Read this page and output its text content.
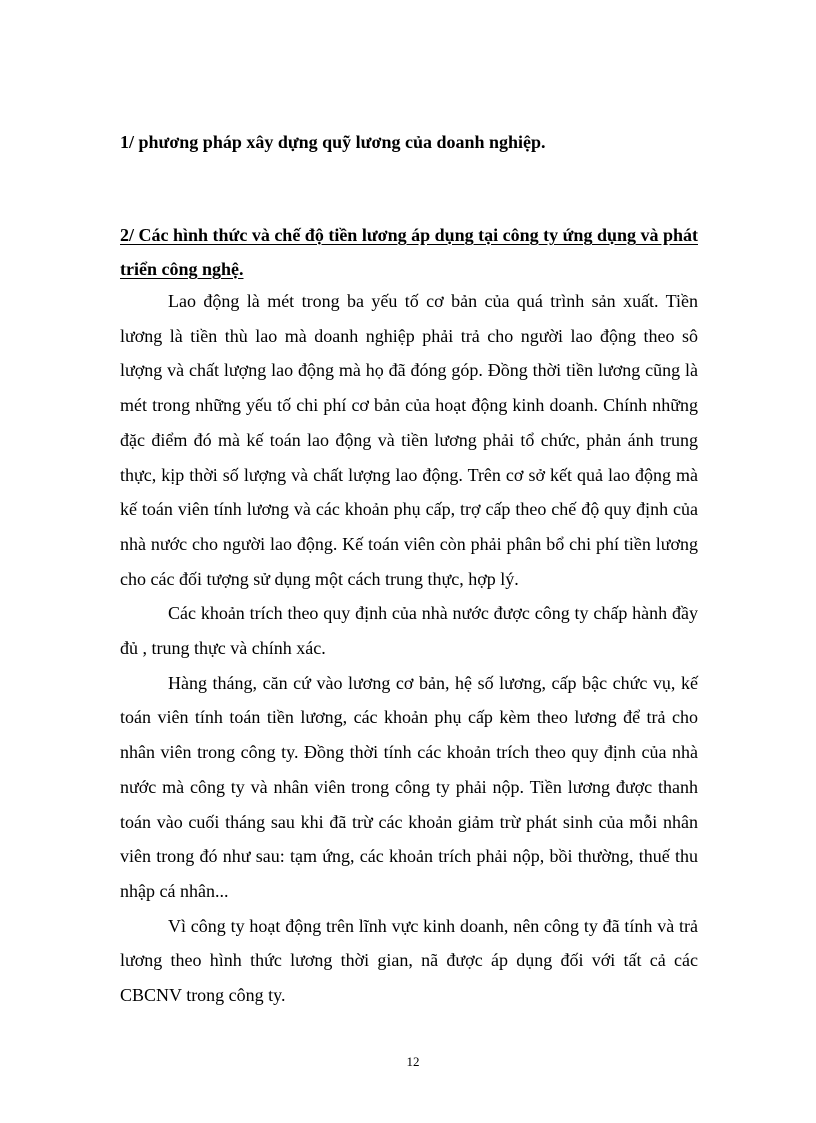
1/ phương pháp xây dựng quỹ lương của doanh nghiệp.
2/ Các hình thức và chế độ tiền lương áp dụng tại công ty ứng dụng và phát triển công nghệ.

Lao động là mét trong ba yếu tố cơ bản của quá trình sản xuất. Tiền lương là tiền thù lao mà doanh nghiệp phải trả cho người lao động theo sô lượng và chất lượng lao động mà họ đã đóng góp. Đồng thời tiền lương cũng là mét trong những yếu tố chi phí cơ bản của hoạt động kinh doanh. Chính những đặc điểm đó mà kế toán lao động và tiền lương phải tổ chức, phản ánh trung thực, kịp thời số lượng và chất lượng lao động. Trên cơ sở kết quả lao động mà kế toán viên tính lương và các khoản phụ cấp, trợ cấp theo chế độ quy định của nhà nước cho người lao động. Kế toán viên còn phải phân bổ chi phí tiền lương cho các đối tượng sử dụng một cách trung thực, hợp lý.

Các khoản trích theo quy định của nhà nước được công ty chấp hành đầy đủ , trung thực và chính xác.

Hàng tháng, căn cứ vào lương cơ bản, hệ số lương, cấp bậc chức vụ, kế toán viên tính toán tiền lương, các khoản phụ cấp kèm theo lương để trả cho nhân viên trong công ty. Đồng thời tính các khoản trích theo quy định của nhà nước mà công ty và nhân viên trong công ty phải nộp. Tiền lương được thanh toán vào cuối tháng sau khi đã trừ các khoản giảm trừ phát sinh của mỗi nhân viên trong đó như sau: tạm ứng, các khoản trích phải nộp, bồi thường, thuế thu nhập cá nhân...

Vì công ty hoạt động trên lĩnh vực kinh doanh, nên công ty đã tính và trả lương theo hình thức lương thời gian, nã được áp dụng đối với tất cả các CBCNV trong công ty.

12
